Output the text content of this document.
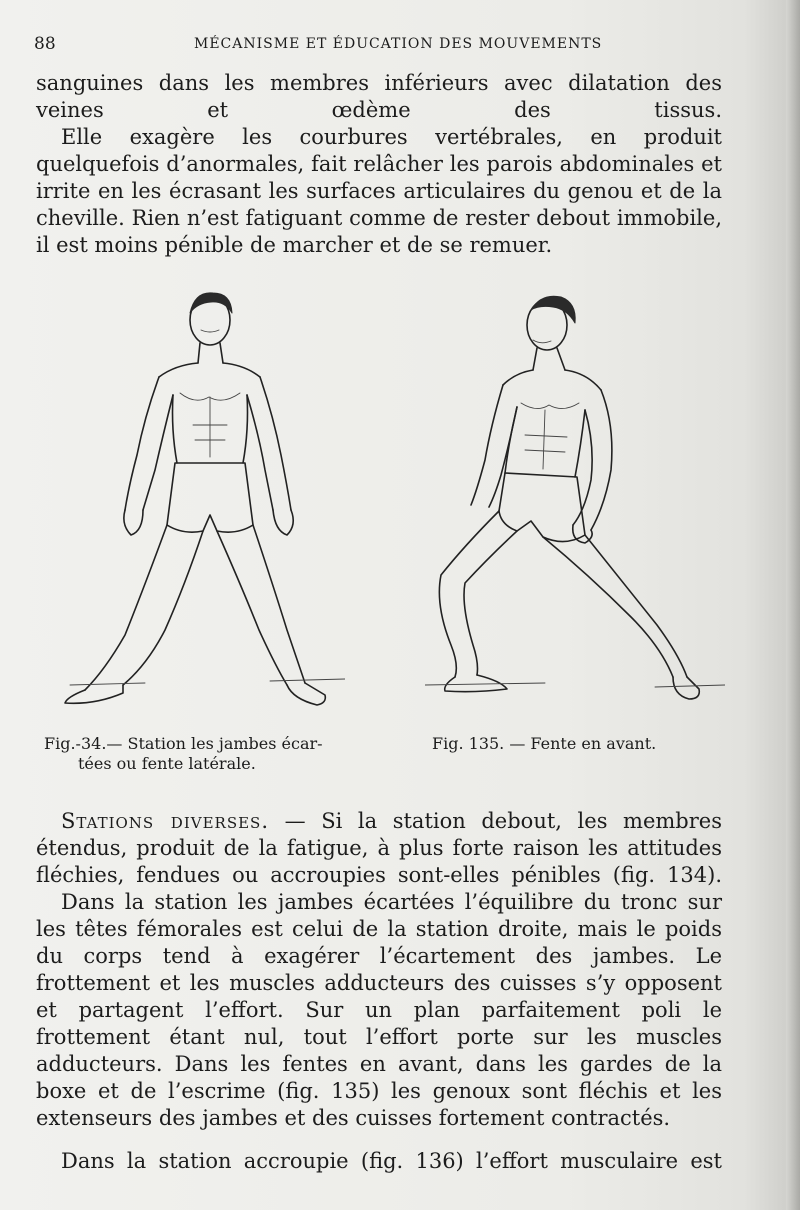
88	MÉCANISME ET ÉDUCATION DES MOUVEMENTS

sanguines dans les membres inférieurs avec dilatation des veines et œdème des tissus.

Elle exagère les courbures vertébrales, en produit quelquefois d’anormales, fait relâcher les parois abdominales et irrite en les écrasant les surfaces articulaires du genou et de la cheville. Rien n’est fatiguant comme de rester debout immobile, il est moins pénible de marcher et de se remuer.

Fig.-34.— Station les jambes écar-
tées ou fente latérale.
Fig. 135. — Fente en avant.

Stations diverses. — Si la station debout, les membres étendus, produit de la fatigue, à plus forte raison les attitudes fléchies, fendues ou accroupies sont-elles pénibles (fig. 134).

Dans la station les jambes écartées l’équilibre du tronc sur les têtes fémorales est celui de la station droite, mais le poids du corps tend à exagérer l’écartement des jambes. Le frottement et les muscles adducteurs des cuisses s’y opposent et partagent l’effort. Sur un plan parfaitement poli le frottement étant nul, tout l’effort porte sur les muscles adducteurs. Dans les fentes en avant, dans les gardes de la boxe et de l’escrime (fig. 135) les genoux sont fléchis et les extenseurs des jambes et des cuisses fortement contractés.

Dans la station accroupie (fig. 136) l’effort musculaire est
